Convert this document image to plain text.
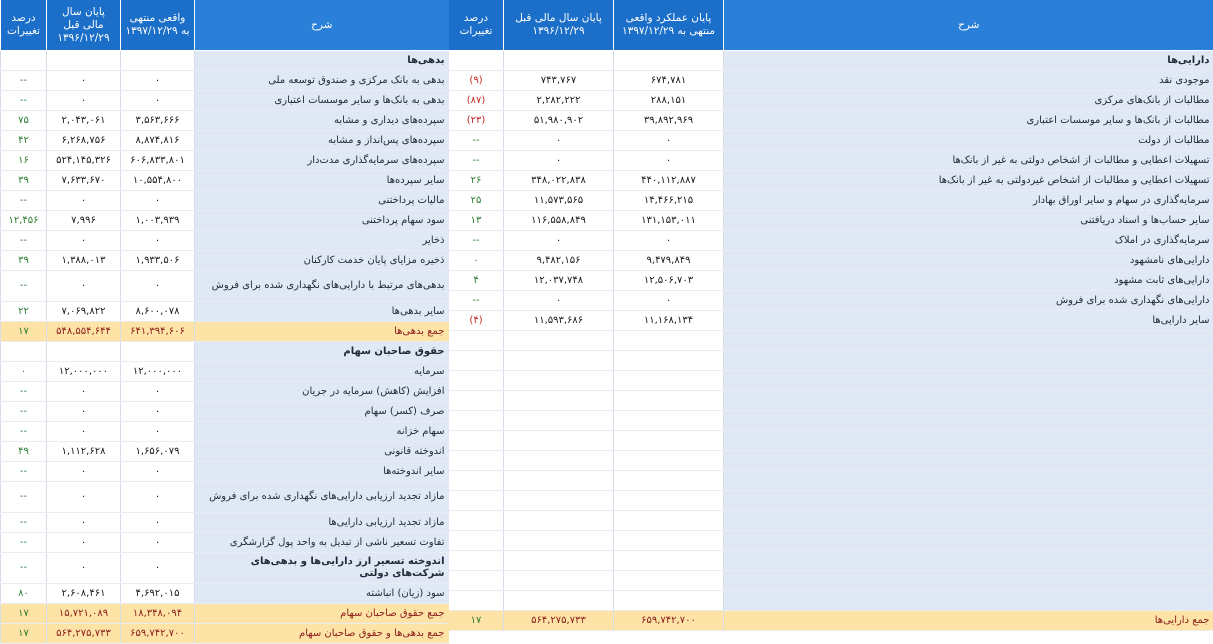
شرح	پایان عملکرد واقعی منتهی به ۱۳۹۷/۱۲/۲۹	پایان سال مالی قبل ۱۳۹۶/۱۲/۲۹	درصد تغییرات
دارایی‌ها			
موجودی نقد	۶۷۴,۷۸۱	۷۴۳,۷۶۷	(۹)
مطالبات از بانک‌های مرکزی	۲۸۸,۱۵۱	۲,۲۸۲,۲۲۲	(۸۷)
مطالبات از بانک‌ها و سایر موسسات اعتباری	۳۹,۸۹۲,۹۶۹	۵۱,۹۸۰,۹۰۲	(۲۳)
مطالبات از دولت	۰	۰	--
تسهیلات اعطایی و مطالبات از اشخاص دولتی به غیر از بانک‌ها	۰	۰	--
تسهیلات اعطایی و مطالبات از اشخاص غیردولتی به غیر از بانک‌ها	۴۴۰,۱۱۲,۸۸۷	۳۴۸,۰۲۲,۸۳۸	۲۶
سرمایه‌گذاری در سهام و سایر اوراق بهادار	۱۴,۴۶۶,۲۱۵	۱۱,۵۷۳,۵۶۵	۲۵
سایر حساب‌ها و اسناد دریافتنی	۱۳۱,۱۵۳,۰۱۱	۱۱۶,۵۵۸,۸۴۹	۱۳
سرمایه‌گذاری در املاک	۰	۰	--
دارایی‌های نامشهود	۹,۴۷۹,۸۴۹	۹,۴۸۲,۱۵۶	۰
دارایی‌های ثابت مشهود	۱۲,۵۰۶,۷۰۳	۱۲,۰۳۷,۷۴۸	۴
دارایی‌های نگهداری شده برای فروش	۰	۰	--
سایر دارایی‌ها	۱۱,۱۶۸,۱۳۴	۱۱,۵۹۳,۶۸۶	(۴)

جمع دارایی‌ها	۶۵۹,۷۴۲,۷۰۰	۵۶۴,۲۷۵,۷۳۳	۱۷
شرح	واقعی منتهی به ۱۳۹۷/۱۲/۲۹	پایان سال مالی قبل ۱۳۹۶/۱۲/۲۹	درصد تغییرات
بدهی‌ها			
بدهی به بانک مرکزی و صندوق توسعه ملی	۰	۰	--
بدهی به بانک‌ها و سایر موسسات اعتباری	۰	۰	--
سپرده‌های دیداری و مشابه	۳,۵۶۳,۶۶۶	۲,۰۴۳,۰۶۱	۷۵
سپرده‌های پس‌انداز و مشابه	۸,۸۷۴,۸۱۶	۶,۲۶۸,۷۵۶	۴۲
سپرده‌های سرمایه‌گذاری مدت‌دار	۶۰۶,۸۳۳,۸۰۱	۵۲۴,۱۴۵,۳۲۶	۱۶
سایر سپرده‌ها	۱۰,۵۵۴,۸۰۰	۷,۶۳۳,۶۷۰	۳۹
مالیات پرداختنی	۰	۰	--
سود سهام پرداختنی	۱,۰۰۳,۹۳۹	۷,۹۹۶	۱۲,۴۵۶
ذخایر	۰	۰	--
ذخیره مزایای پایان خدمت کارکنان	۱,۹۳۳,۵۰۶	۱,۳۸۸,۰۱۳	۳۹
بدهی‌های مرتبط با دارایی‌های نگهداری شده برای فروش	۰	۰	--
سایر بدهی‌ها	۸,۶۰۰,۰۷۸	۷,۰۶۹,۸۲۲	۲۲
جمع بدهی‌ها	۶۴۱,۳۹۴,۶۰۶	۵۴۸,۵۵۴,۶۴۴	۱۷
حقوق صاحبان سهام			
سرمایه	۱۲,۰۰۰,۰۰۰	۱۲,۰۰۰,۰۰۰	۰
افزایش (کاهش) سرمایه در جریان	۰	۰	--
صرف (کسر) سهام	۰	۰	--
سهام خزانه	۰	۰	--
اندوخته قانونی	۱,۶۵۶,۰۷۹	۱,۱۱۲,۶۲۸	۴۹
سایر اندوخته‌ها	۰	۰	--
مازاد تجدید ارزیابی دارایی‌های نگهداری شده برای فروش	۰	۰	--
مازاد تجدید ارزیابی دارایی‌ها	۰	۰	--
تفاوت تسعیر ناشی از تبدیل به واحد پول گزارشگری	۰	۰	--
اندوخته تسعیر ارز دارایی‌ها و بدهی‌های شرکت‌های دولتی	۰	۰	--
سود (زیان) انباشته	۴,۶۹۲,۰۱۵	۲,۶۰۸,۴۶۱	۸۰
جمع حقوق صاحبان سهام	۱۸,۳۴۸,۰۹۴	۱۵,۷۲۱,۰۸۹	۱۷
جمع بدهی‌ها و حقوق صاحبان سهام	۶۵۹,۷۴۲,۷۰۰	۵۶۴,۲۷۵,۷۳۳	۱۷
